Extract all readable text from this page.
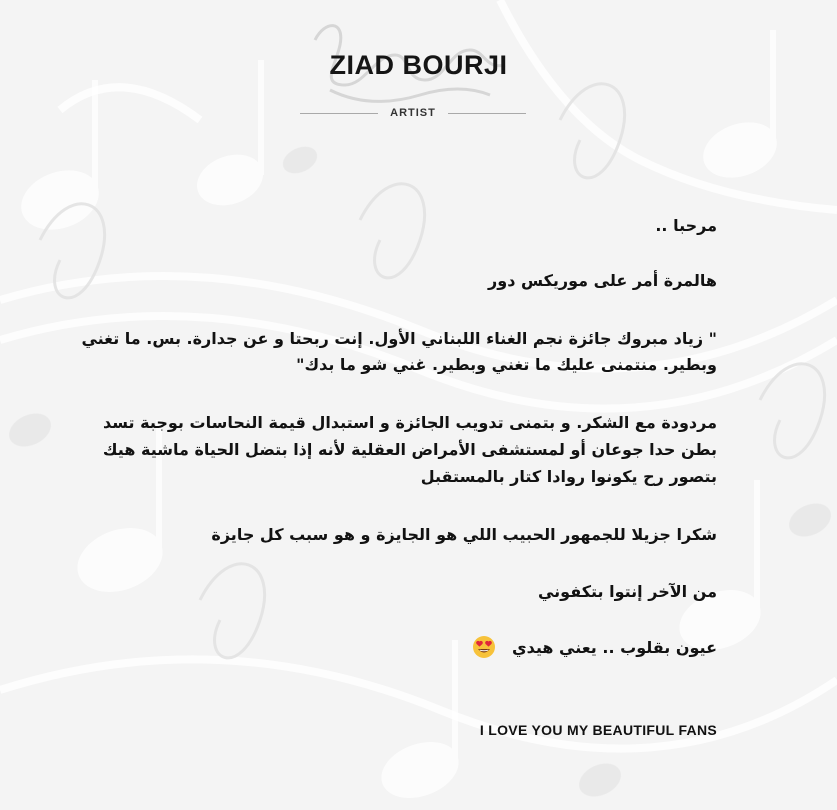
ZIAD BOURJI
ARTIST
مرحبا ..
هالمرة أمر على موريكس دور
" زياد مبروك جائزة نجم الغناء اللبناني الأول. إنت ربحتا و عن جدارة. بس. ما تغني
وبطير. منتمنى عليك ما تغني وبطير. غني شو ما بدك"
مردودة مع الشكر. و بتمنى تدويب الجائزة و استبدال قيمة النحاسات بوجبة تسد
بطن حدا جوعان أو لمستشفى الأمراض العقلية لأنه إذا بتضل الحياة ماشية هيك
بتصور رح يكونوا روادا كتار بالمستقبل
شكرا جزيلا للجمهور الحبيب اللي هو الجايزة و هو سبب كل جايزة
من الآخر إنتوا بتكفوني
عيون بقلوب .. يعني هيدي
I LOVE YOU MY BEAUTIFUL FANS
